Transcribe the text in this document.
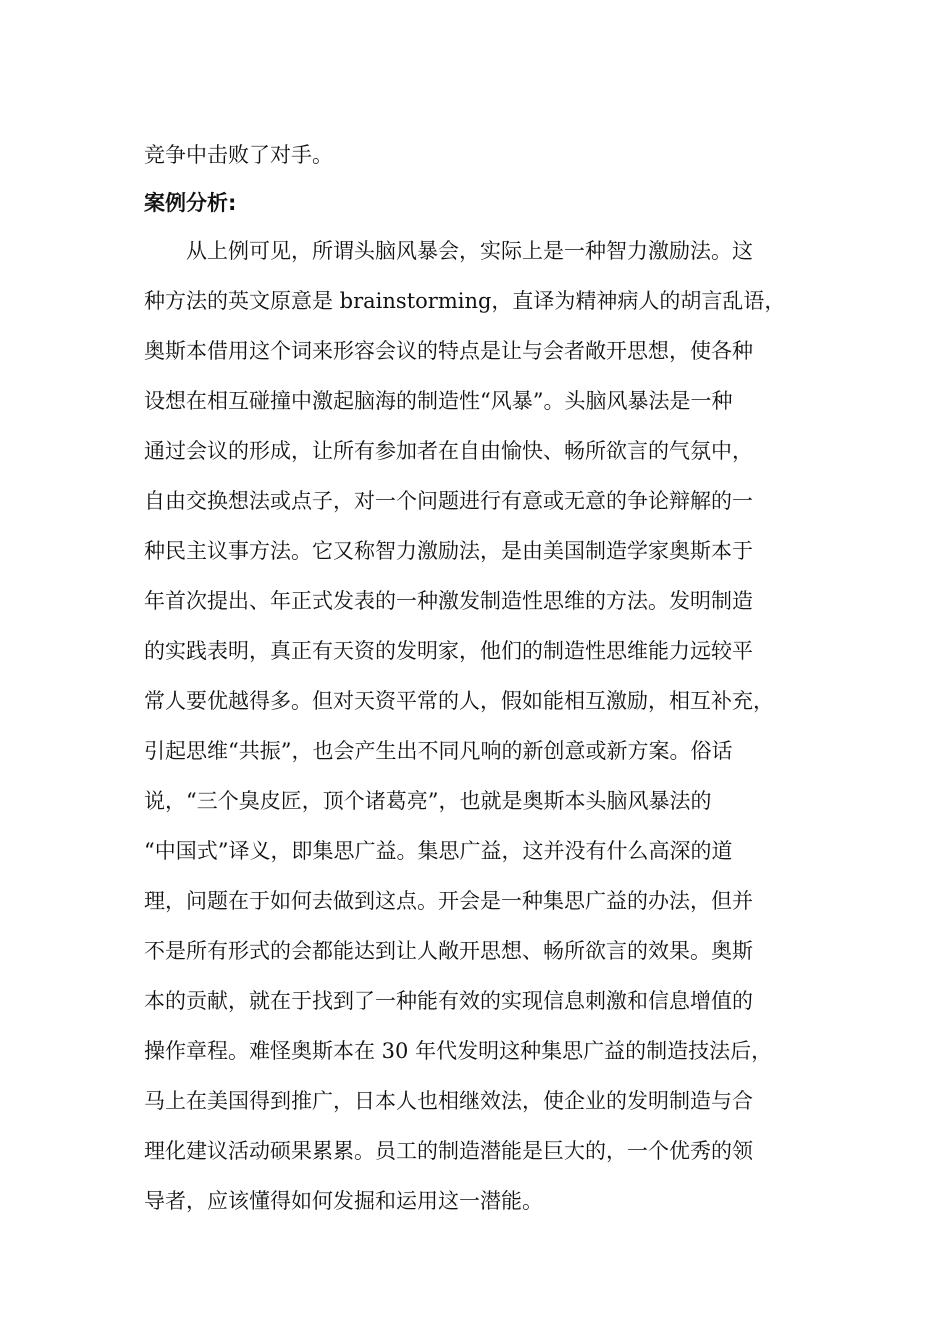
竞争中击败了对手。

案例分析:

从上例可见，所谓头脑风暴会，实际上是一种智力激励法。这

种方法的英文原意是 brainstorming，直译为精神病人的胡言乱语，

奥斯本借用这个词来形容会议的特点是让与会者敞开思想，使各种

设想在相互碰撞中激起脑海的制造性“风暴”。头脑风暴法是一种

通过会议的形成，让所有参加者在自由愉快、畅所欲言的气氛中，

自由交换想法或点子，对一个问题进行有意或无意的争论辩解的一

种民主议事方法。它又称智力激励法，是由美国制造学家奥斯本于

年首次提出、年正式发表的一种激发制造性思维的方法。发明制造

的实践表明，真正有天资的发明家，他们的制造性思维能力远较平

常人要优越得多。但对天资平常的人，假如能相互激励，相互补充，

引起思维“共振”，也会产生出不同凡响的新创意或新方案。俗话

说，“三个臭皮匠，顶个诸葛亮”，也就是奥斯本头脑风暴法的

“中国式”译义，即集思广益。集思广益，这并没有什么高深的道

理，问题在于如何去做到这点。开会是一种集思广益的办法，但并

不是所有形式的会都能达到让人敞开思想、畅所欲言的效果。奥斯

本的贡献，就在于找到了一种能有效的实现信息刺激和信息增值的

操作章程。难怪奥斯本在 30 年代发明这种集思广益的制造技法后，

马上在美国得到推广，日本人也相继效法，使企业的发明制造与合

理化建议活动硕果累累。员工的制造潜能是巨大的，一个优秀的领

导者，应该懂得如何发掘和运用这一潜能。
